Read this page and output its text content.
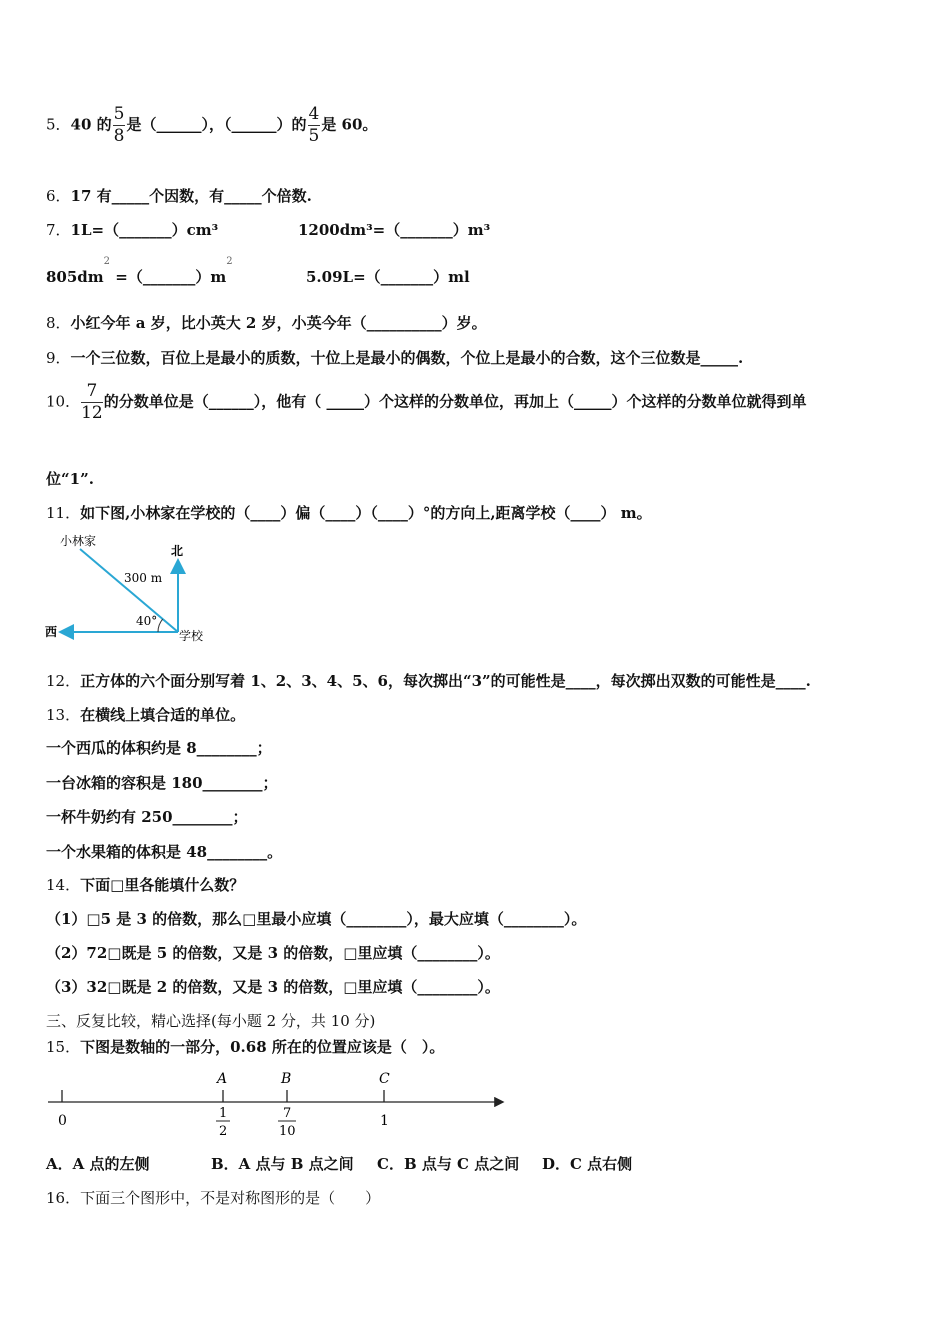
5．40 的 $\frac{5}{8}$ 是（______），（______）的 $\frac{4}{5}$ 是 60。
6．17 有_____个因数，有_____个倍数.
7．1L=（_______）cm³	1200dm³=（_______）m³
$805dm^2$ $=(\_\_\_\_\_\_\_)m^2$
5.09L=（_______）ml
8．小红今年 a 岁，比小英大 2 岁，小英今年（__________）岁。
9．一个三位数，百位上是最小的质数，十位上是最小的偶数，个位上是最小的合数，这个三位数是_____.
10． $\frac{7}{12}$ 的分数单位是（______），他有（ _____）个这样的分数单位，再加上（_____）个这样的分数单位就得到单
位“1”.
11．如下图,小林家在学校的（____）偏（____）（____）°的方向上,距离学校（____） m。
小林家
北
西	学校
300 m
40°
12．正方体的六个面分别写着 1、2、3、4、5、6，每次掷出“3”的可能性是____，每次掷出双数的可能性是____.
13．在横线上填合适的单位。
一个西瓜的体积约是 8________；
一台冰箱的容积是 180________；
一杯牛奶约有 250________；
一个水果箱的体积是 48________。
14．下面□里各能填什么数？
（1）□5 是 3 的倍数，那么□里最小应填（________），最大应填（________）。
（2）72□既是 5 的倍数，又是 3 的倍数，□里应填（________）。
（3）32□既是 2 的倍数，又是 3 的倍数，□里应填（________）。
三、反复比较，精心选择(每小题 2 分，共 10 分)
15．下图是数轴的一部分，0.68 所在的位置应该是（　）。
A	B	C
0	1
2
7
10
1
A．A 点的左侧	B．A 点与 B 点之间 C．B 点与 C 点之间 D．C 点右侧
16．下面三个图形中，不是对称图形的是（　　）
